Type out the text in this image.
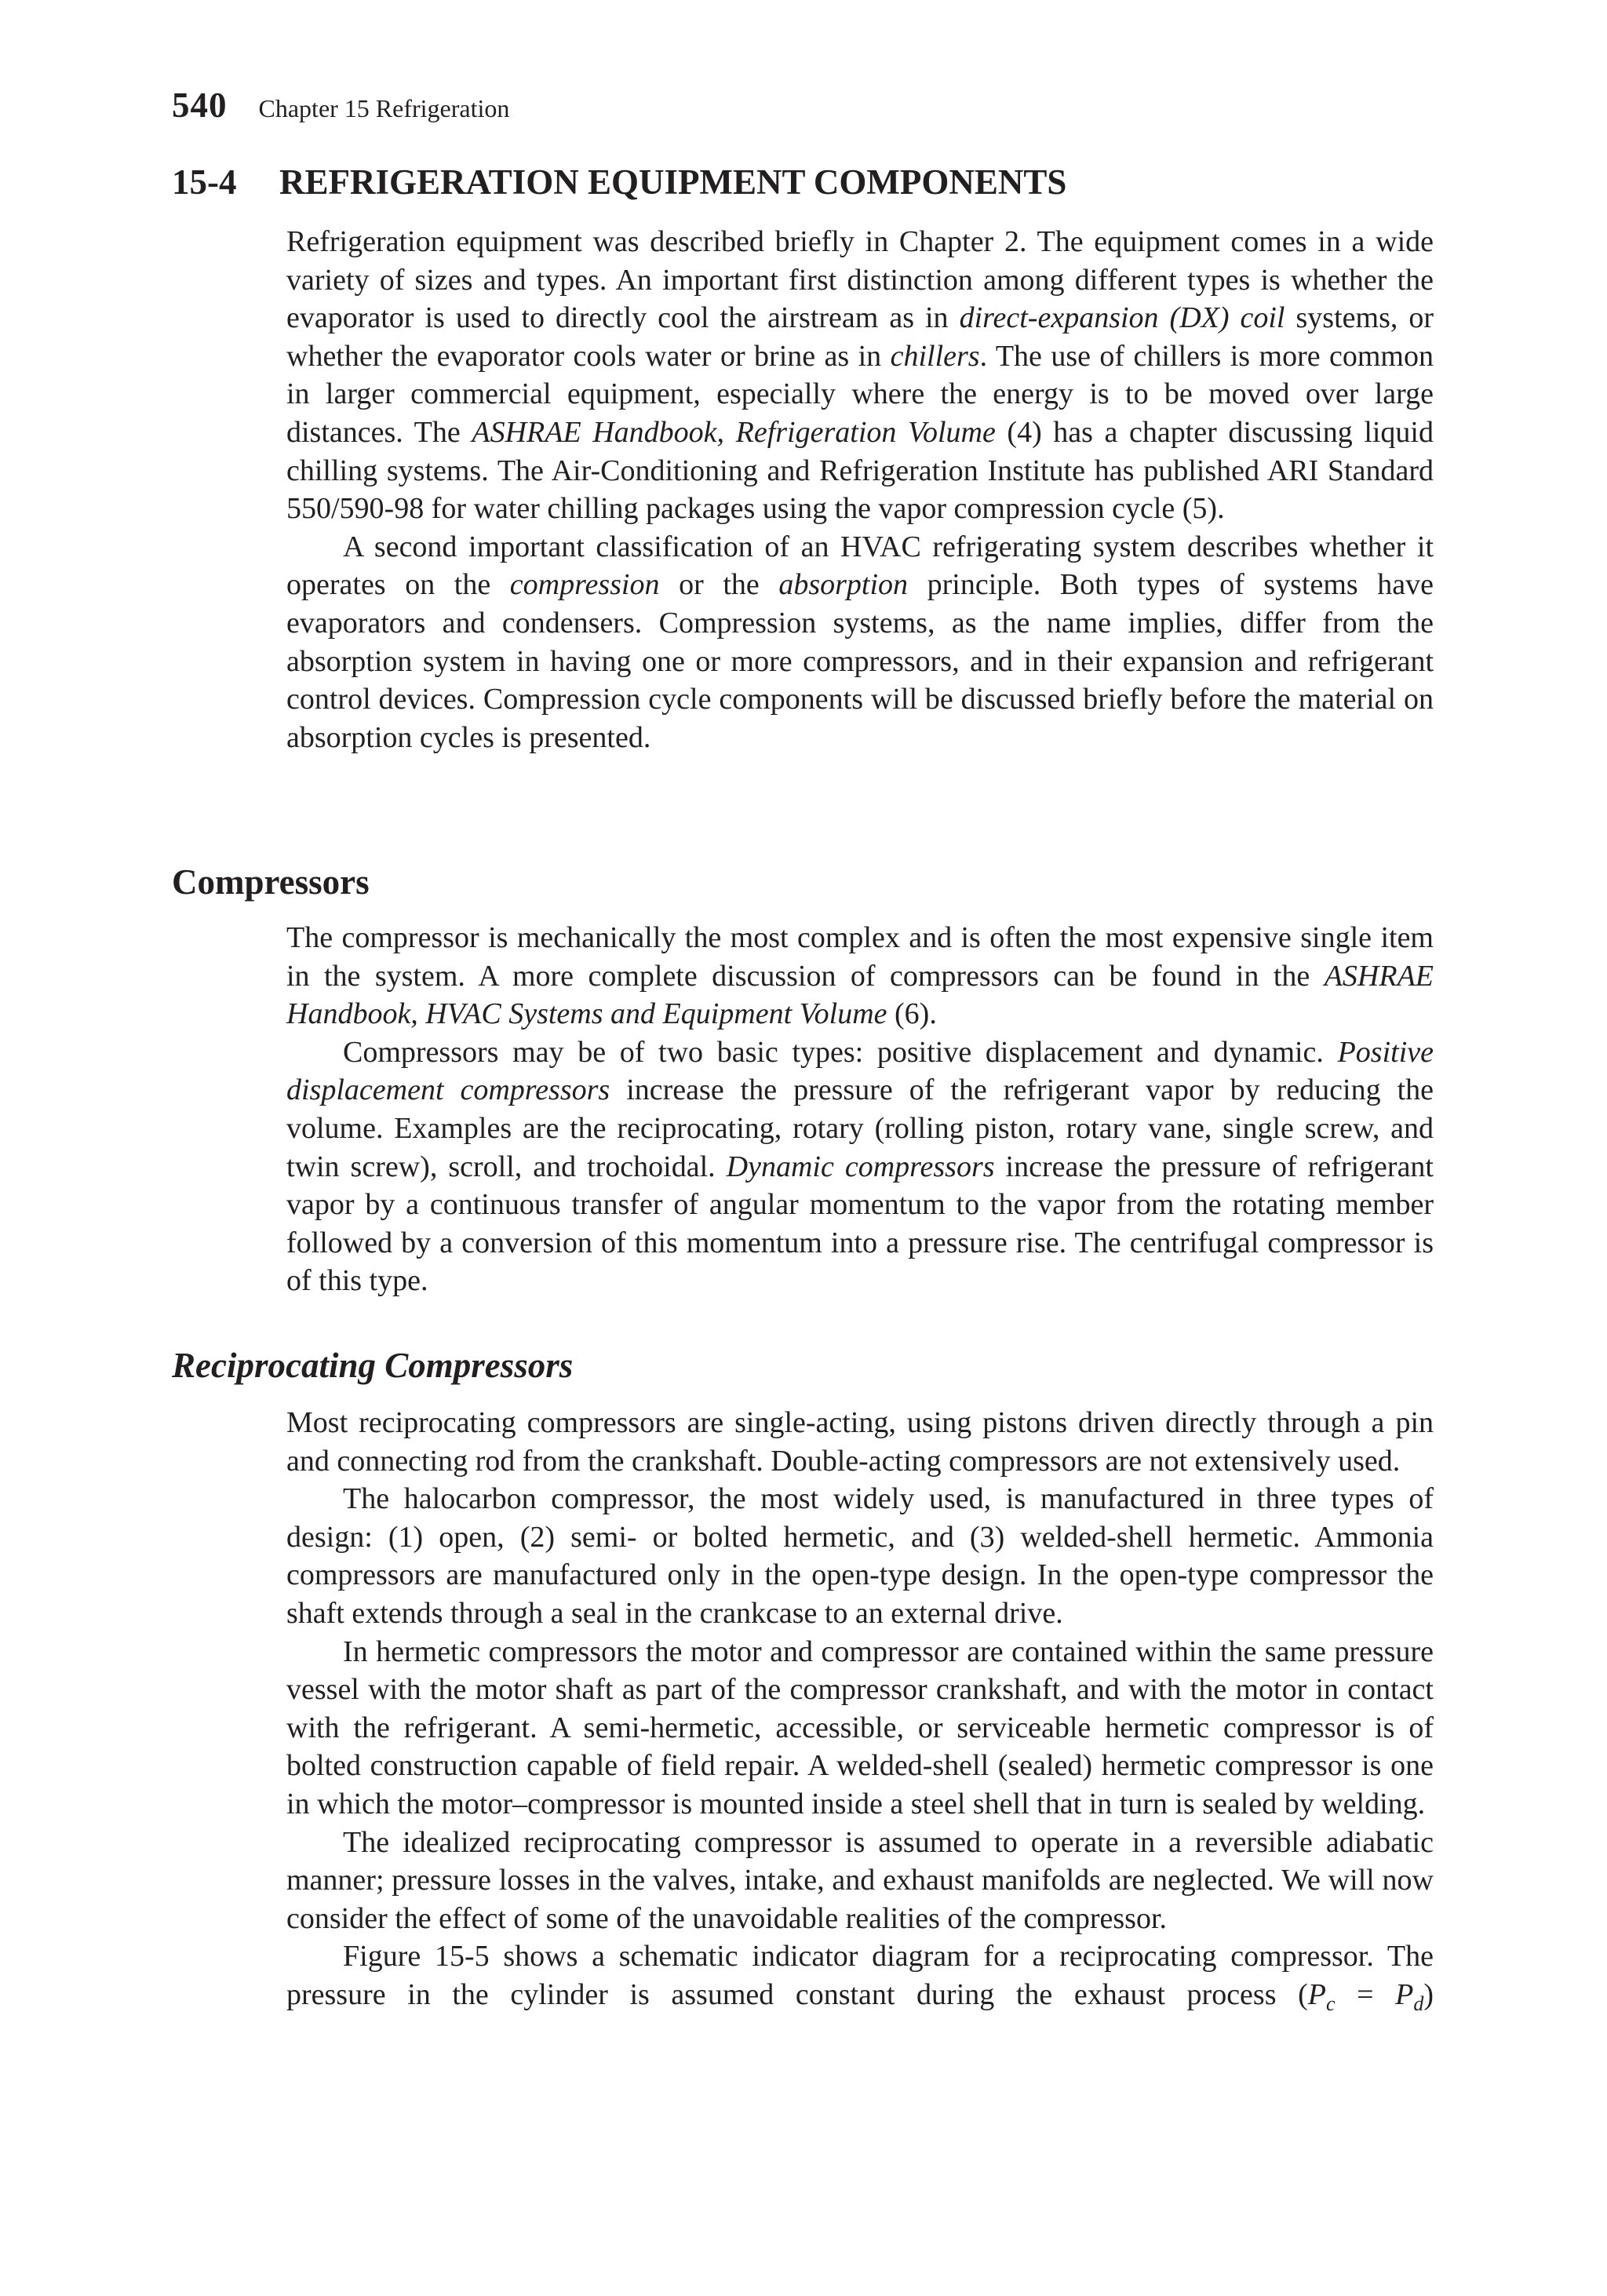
540 Chapter 15 Refrigeration
15-4 REFRIGERATION EQUIPMENT COMPONENTS

Refrigeration equipment was described briefly in Chapter 2. The equipment comes in a wide variety of sizes and types. An important first distinction among different types is whether the evaporator is used to directly cool the airstream as in direct-expansion (DX) coil systems, or whether the evaporator cools water or brine as in chillers. The use of chillers is more common in larger commercial equipment, especially where the energy is to be moved over large distances. The ASHRAE Handbook, Refrigeration Volume (4) has a chapter discussing liquid chilling systems. The Air-Conditioning and Refrigeration Institute has published ARI Standard 550/590-98 for water chilling packages using the vapor compression cycle (5).

A second important classification of an HVAC refrigerating system describes whether it operates on the compression or the absorption principle. Both types of systems have evaporators and condensers. Compression systems, as the name implies, differ from the absorption system in having one or more compressors, and in their expansion and refrigerant control devices. Compression cycle components will be discussed briefly before the material on absorption cycles is presented.

Compressors

The compressor is mechanically the most complex and is often the most expensive single item in the system. A more complete discussion of compressors can be found in the ASHRAE Handbook, HVAC Systems and Equipment Volume (6).

Compressors may be of two basic types: positive displacement and dynamic. Positive displacement compressors increase the pressure of the refrigerant vapor by reducing the volume. Examples are the reciprocating, rotary (rolling piston, rotary vane, single screw, and twin screw), scroll, and trochoidal. Dynamic compressors increase the pressure of refrigerant vapor by a continuous transfer of angular momentum to the vapor from the rotating member followed by a conversion of this momentum into a pressure rise. The centrifugal compressor is of this type.

Reciprocating Compressors

Most reciprocating compressors are single-acting, using pistons driven directly through a pin and connecting rod from the crankshaft. Double-acting compressors are not extensively used.

The halocarbon compressor, the most widely used, is manufactured in three types of design: (1) open, (2) semi- or bolted hermetic, and (3) welded-shell hermetic. Ammonia compressors are manufactured only in the open-type design. In the open-type compressor the shaft extends through a seal in the crankcase to an external drive.

In hermetic compressors the motor and compressor are contained within the same pressure vessel with the motor shaft as part of the compressor crankshaft, and with the motor in contact with the refrigerant. A semi-hermetic, accessible, or serviceable hermetic compressor is of bolted construction capable of field repair. A welded-shell (sealed) hermetic compressor is one in which the motor–compressor is mounted inside a steel shell that in turn is sealed by welding.

The idealized reciprocating compressor is assumed to operate in a reversible adiabatic manner; pressure losses in the valves, intake, and exhaust manifolds are neglected. We will now consider the effect of some of the unavoidable realities of the compressor.

Figure 15-5 shows a schematic indicator diagram for a reciprocating compressor. The pressure in the cylinder is assumed constant during the exhaust process $(P_c = P_d)$
